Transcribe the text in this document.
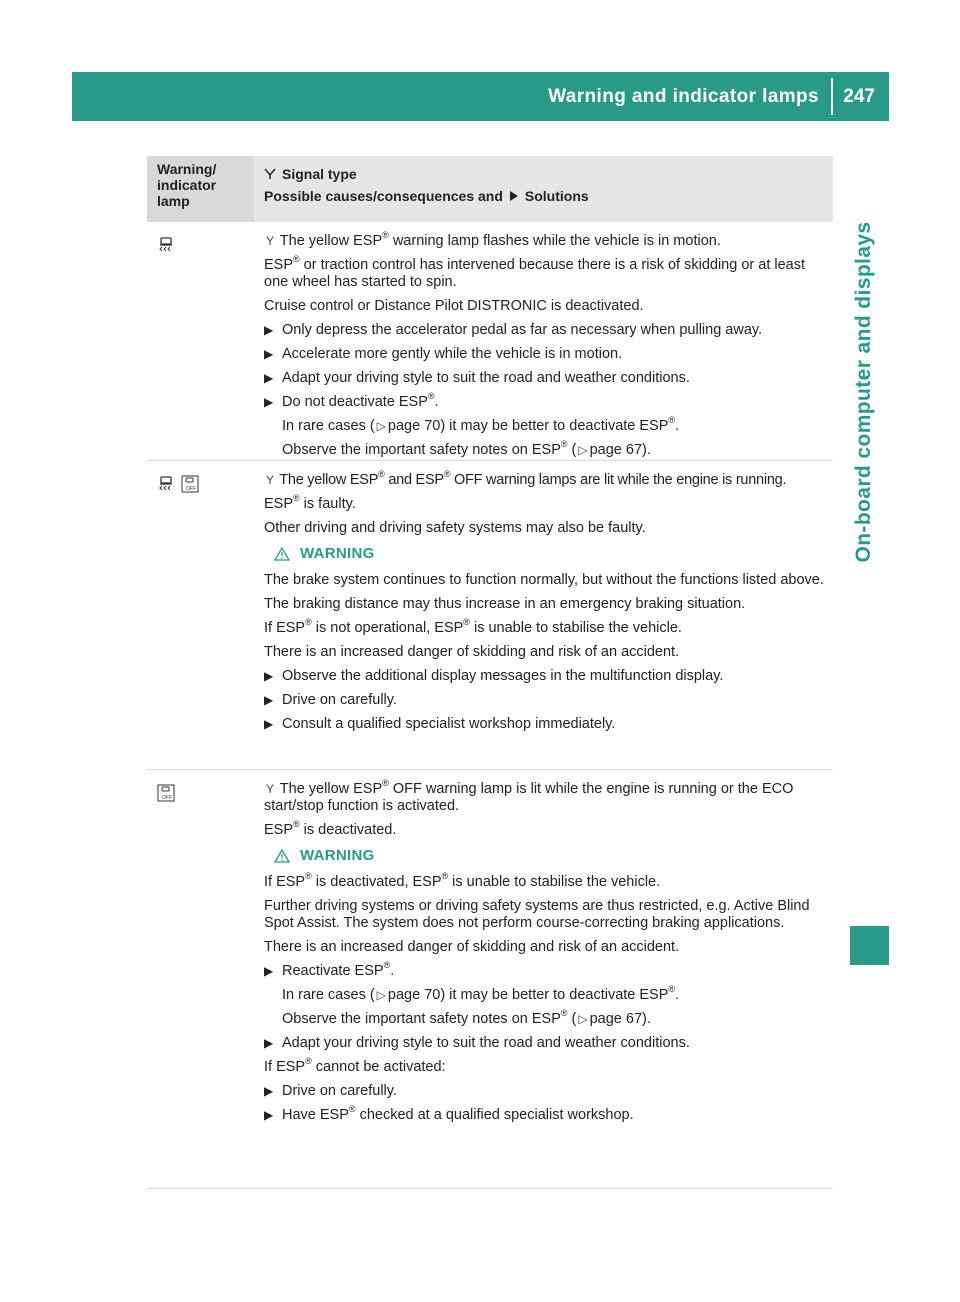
Warning and indicator lamps 247
On-board computer and displays
Warning/
indicator
lamp
Signal type
Possible causes/consequences and Solutions

Y The yellow ESP® warning lamp flashes while the vehicle is in motion.

ESP® or traction control has intervened because there is a risk of skidding or at least one wheel has started to spin.

Cruise control or Distance Pilot DISTRONIC is deactivated.

▶ Only depress the accelerator pedal as far as necessary when pulling away.
▶ Accelerate more gently while the vehicle is in motion.
▶ Adapt your driving style to suit the road and weather conditions.
▶ Do not deactivate ESP®.

In rare cases ( ▷ page 70) it may be better to deactivate ESP®.

Observe the important safety notes on ESP® ( ▷ page 67).

OFF

Y The yellow ESP® and ESP® OFF warning lamps are lit while the engine is running.

ESP® is faulty.

Other driving and driving safety systems may also be faulty.

WARNING

The brake system continues to function normally, but without the functions listed above.

The braking distance may thus increase in an emergency braking situation.

If ESP® is not operational, ESP® is unable to stabilise the vehicle.

There is an increased danger of skidding and risk of an accident.

▶ Observe the additional display messages in the multifunction display.
▶ Drive on carefully.
▶ Consult a qualified specialist workshop immediately.
OFF

Y The yellow ESP® OFF warning lamp is lit while the engine is running or the ECO start/stop function is activated.

ESP® is deactivated.

WARNING

If ESP® is deactivated, ESP® is unable to stabilise the vehicle.

Further driving systems or driving safety systems are thus restricted, e.g. Active Blind Spot Assist. The system does not perform course-correcting braking applications.

There is an increased danger of skidding and risk of an accident.

▶ Reactivate ESP®.

In rare cases ( ▷ page 70) it may be better to deactivate ESP®.

Observe the important safety notes on ESP® ( ▷ page 67).

▶ Adapt your driving style to suit the road and weather conditions.

If ESP® cannot be activated:

▶ Drive on carefully.
▶ Have ESP® checked at a qualified specialist workshop.
